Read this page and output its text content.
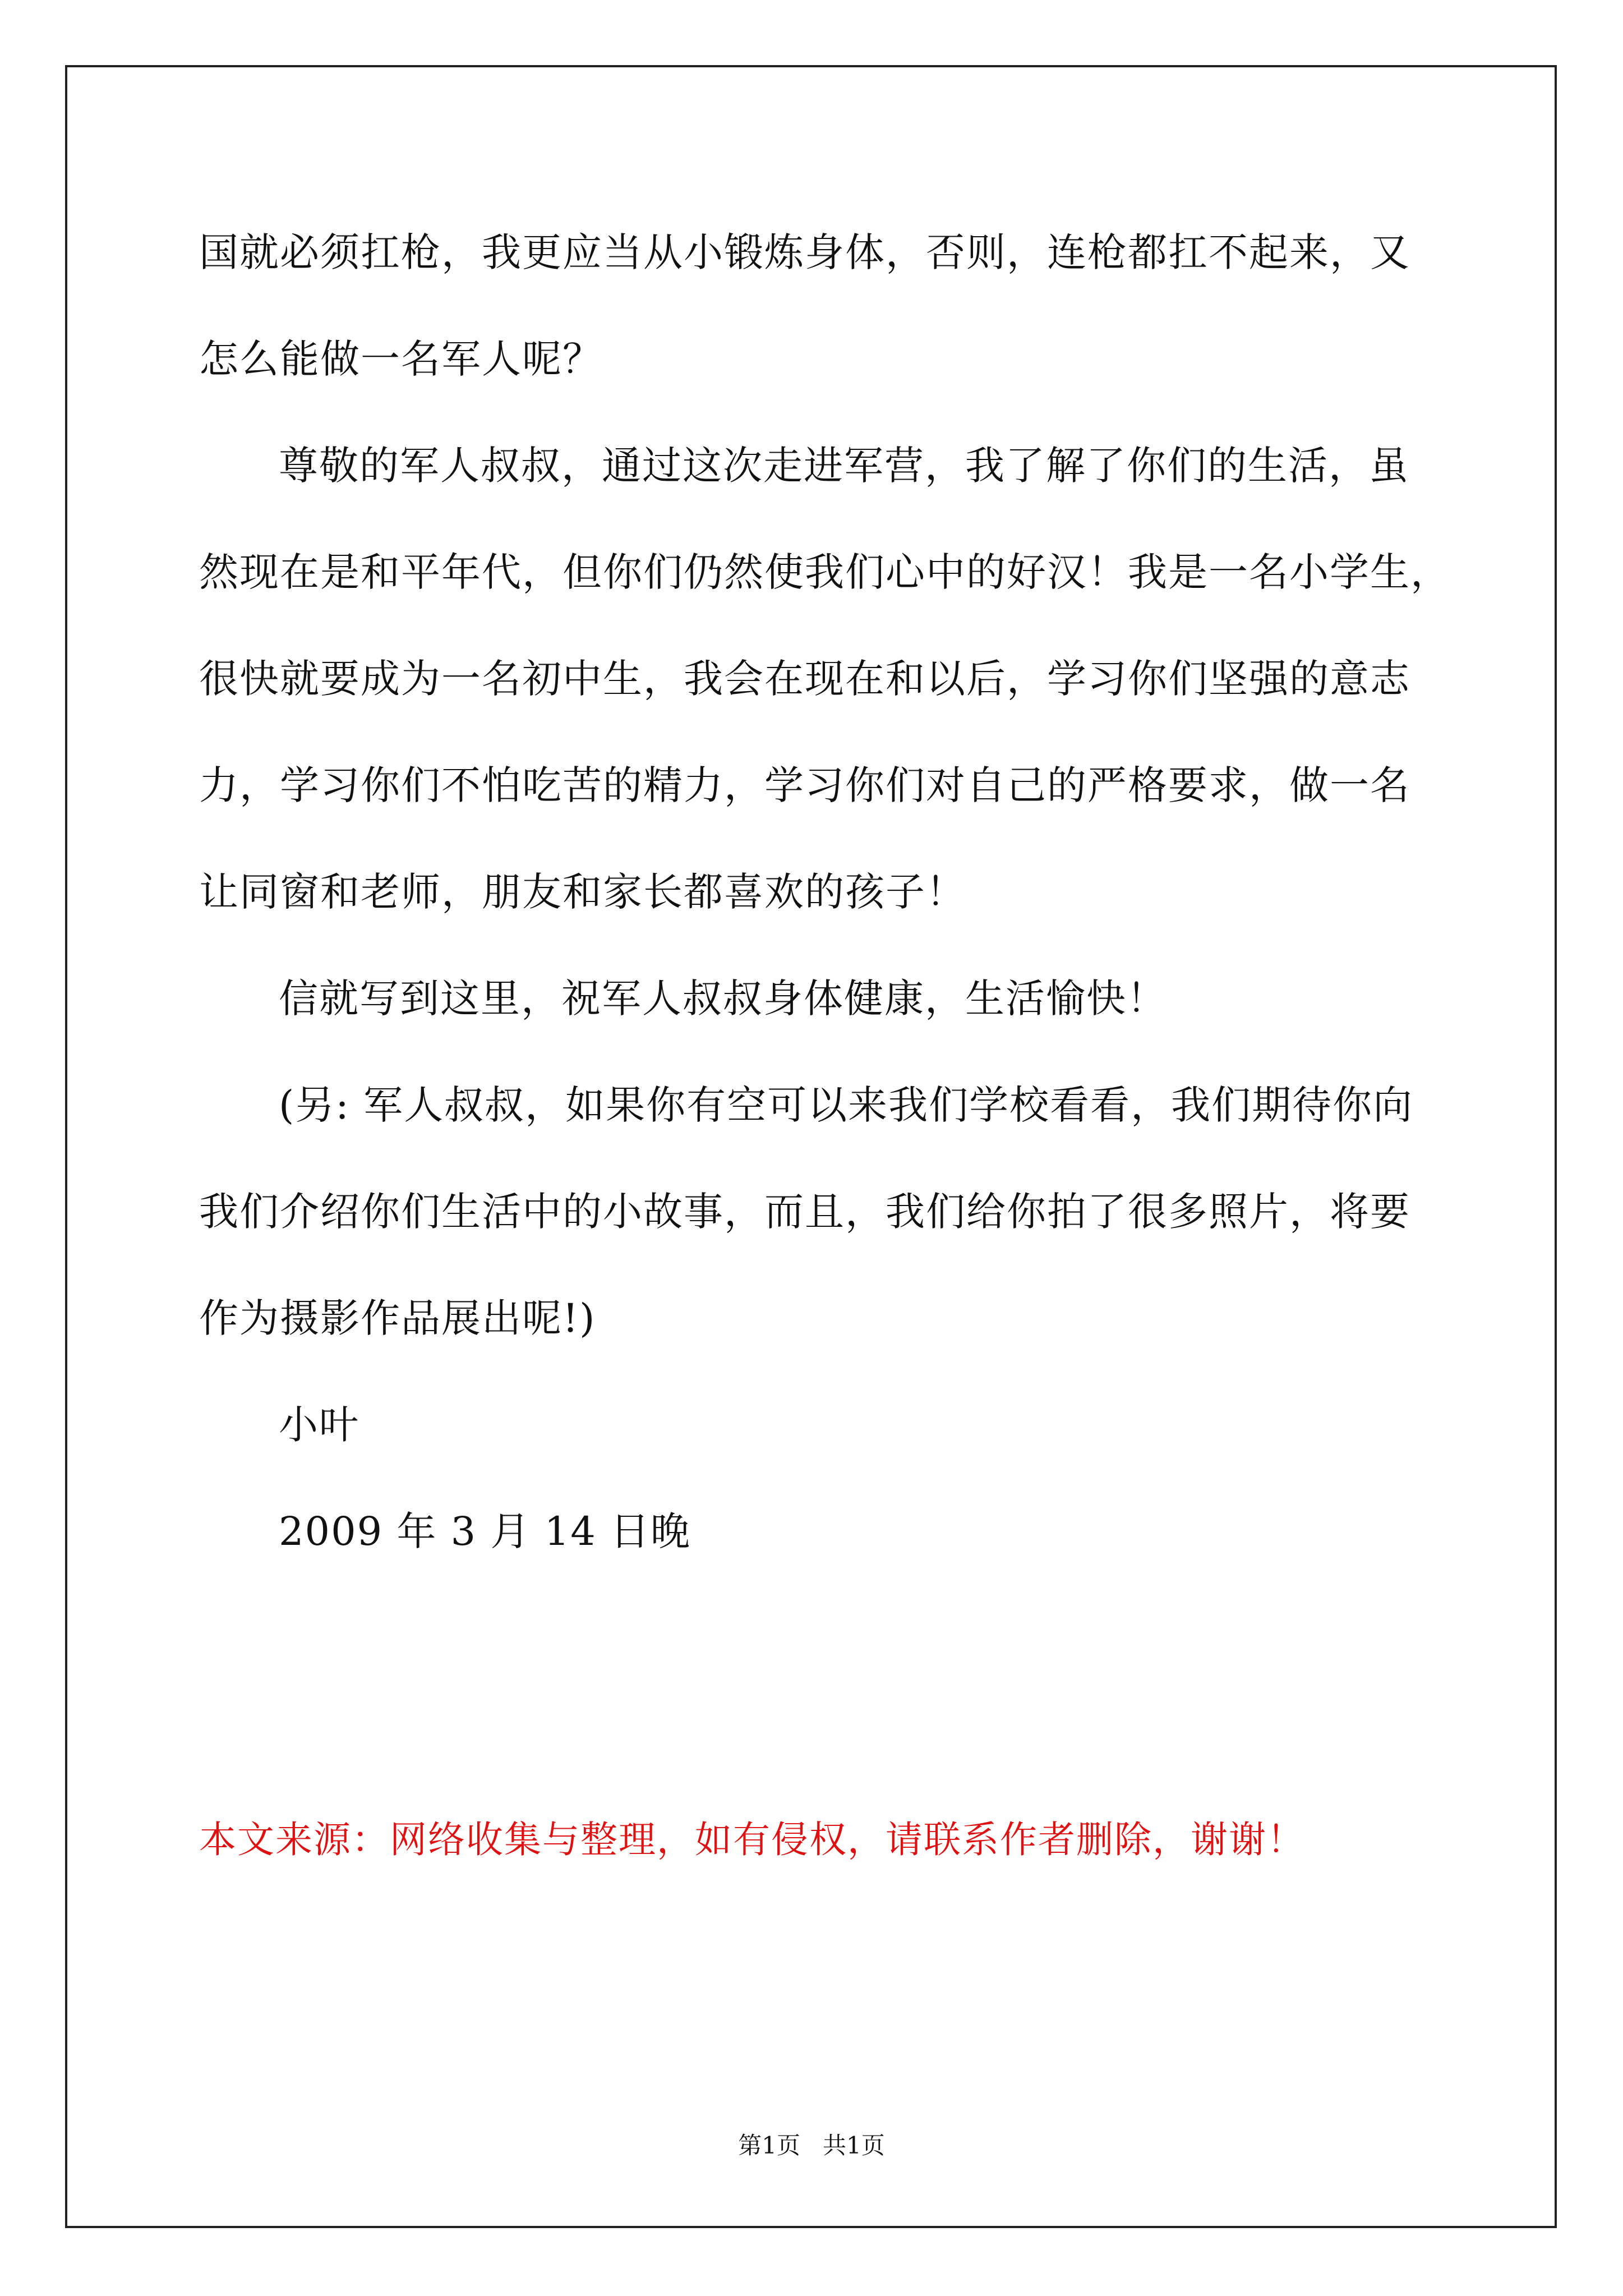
国就必须扛枪，我更应当从小锻炼身体，否则，连枪都扛不起来，又
怎么能做一名军人呢？
尊敬的军人叔叔，通过这次走进军营，我了解了你们的生活，虽
然现在是和平年代，但你们仍然使我们心中的好汉！我是一名小学生，
很快就要成为一名初中生，我会在现在和以后，学习你们坚强的意志
力，学习你们不怕吃苦的精力，学习你们对自己的严格要求，做一名
让同窗和老师，朋友和家长都喜欢的孩子！
信就写到这里，祝军人叔叔身体健康，生活愉快！
(另: 军人叔叔，如果你有空可以来我们学校看看，我们期待你向
我们介绍你们生活中的小故事，而且，我们给你拍了很多照片，将要
作为摄影作品展出呢!)
小叶
2009 年 3 月 14 日晚
本文来源：网络收集与整理，如有侵权，请联系作者删除，谢谢！
第1页   共1页
